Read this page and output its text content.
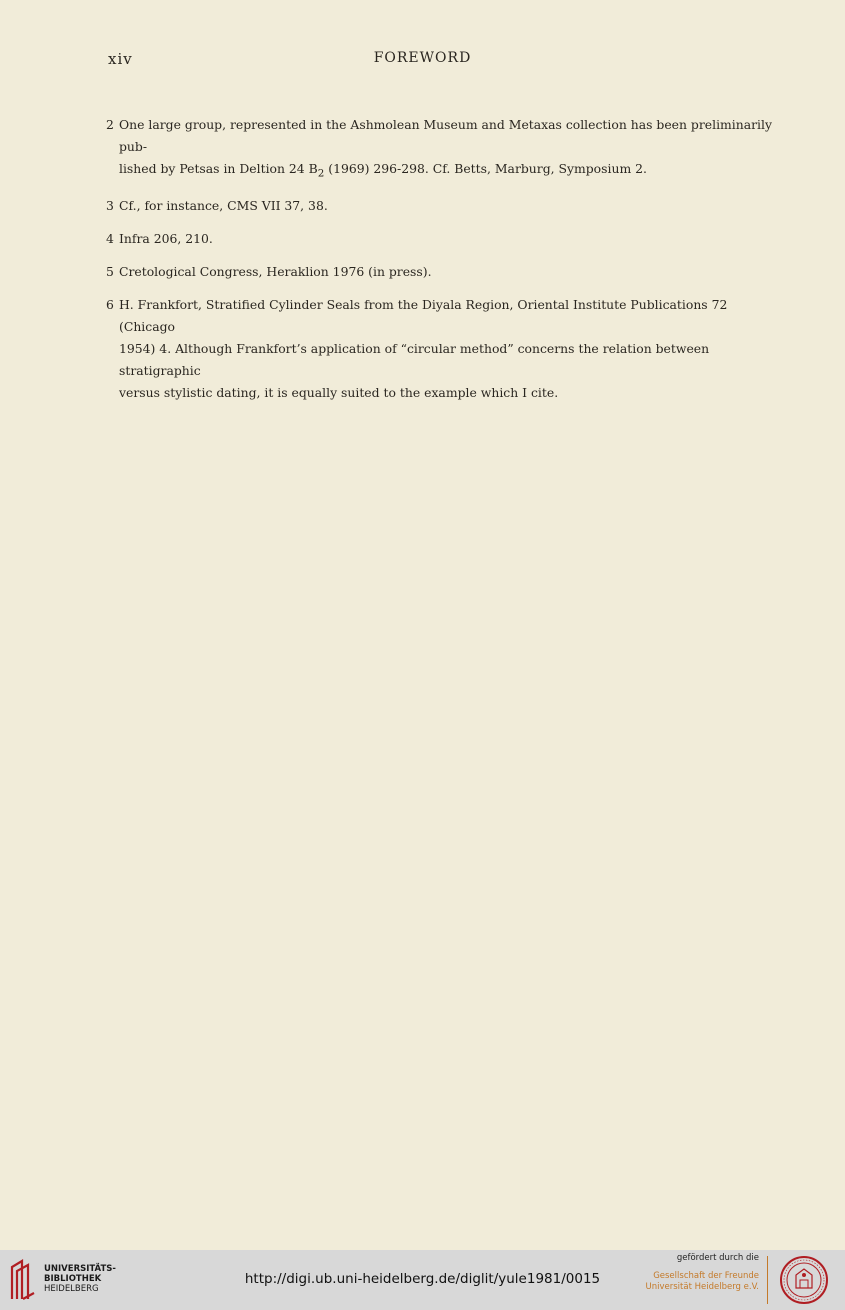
xiv	FOREWORD
2 One large group, represented in the Ashmolean Museum and Metaxas collection has been preliminarily pub-
lished by Petsas in Deltion 24 $B_2$ (1969) 296-298. Cf. Betts, Marburg, Symposium 2.
3 Cf., for instance, CMS VII 37, 38.
4 Infra 206, 210.
5 Cretological Congress, Heraklion 1976 (in press).
6 H. Frankfort, Stratified Cylinder Seals from the Diyala Region, Oriental Institute Publications 72 (Chicago
1954) 4. Although Frankfort’s application of “circular method” concerns the relation between stratigraphic
versus stylistic dating, it is equally suited to the example which I cite.
UNIVERSITÄTS-
BIBLIOTHEK
HEIDELBERG
http://digi.ub.uni-heidelberg.de/diglit/yule1981/0015
gefördert durch die
Gesellschaft der Freunde
Universität Heidelberg e.V.
